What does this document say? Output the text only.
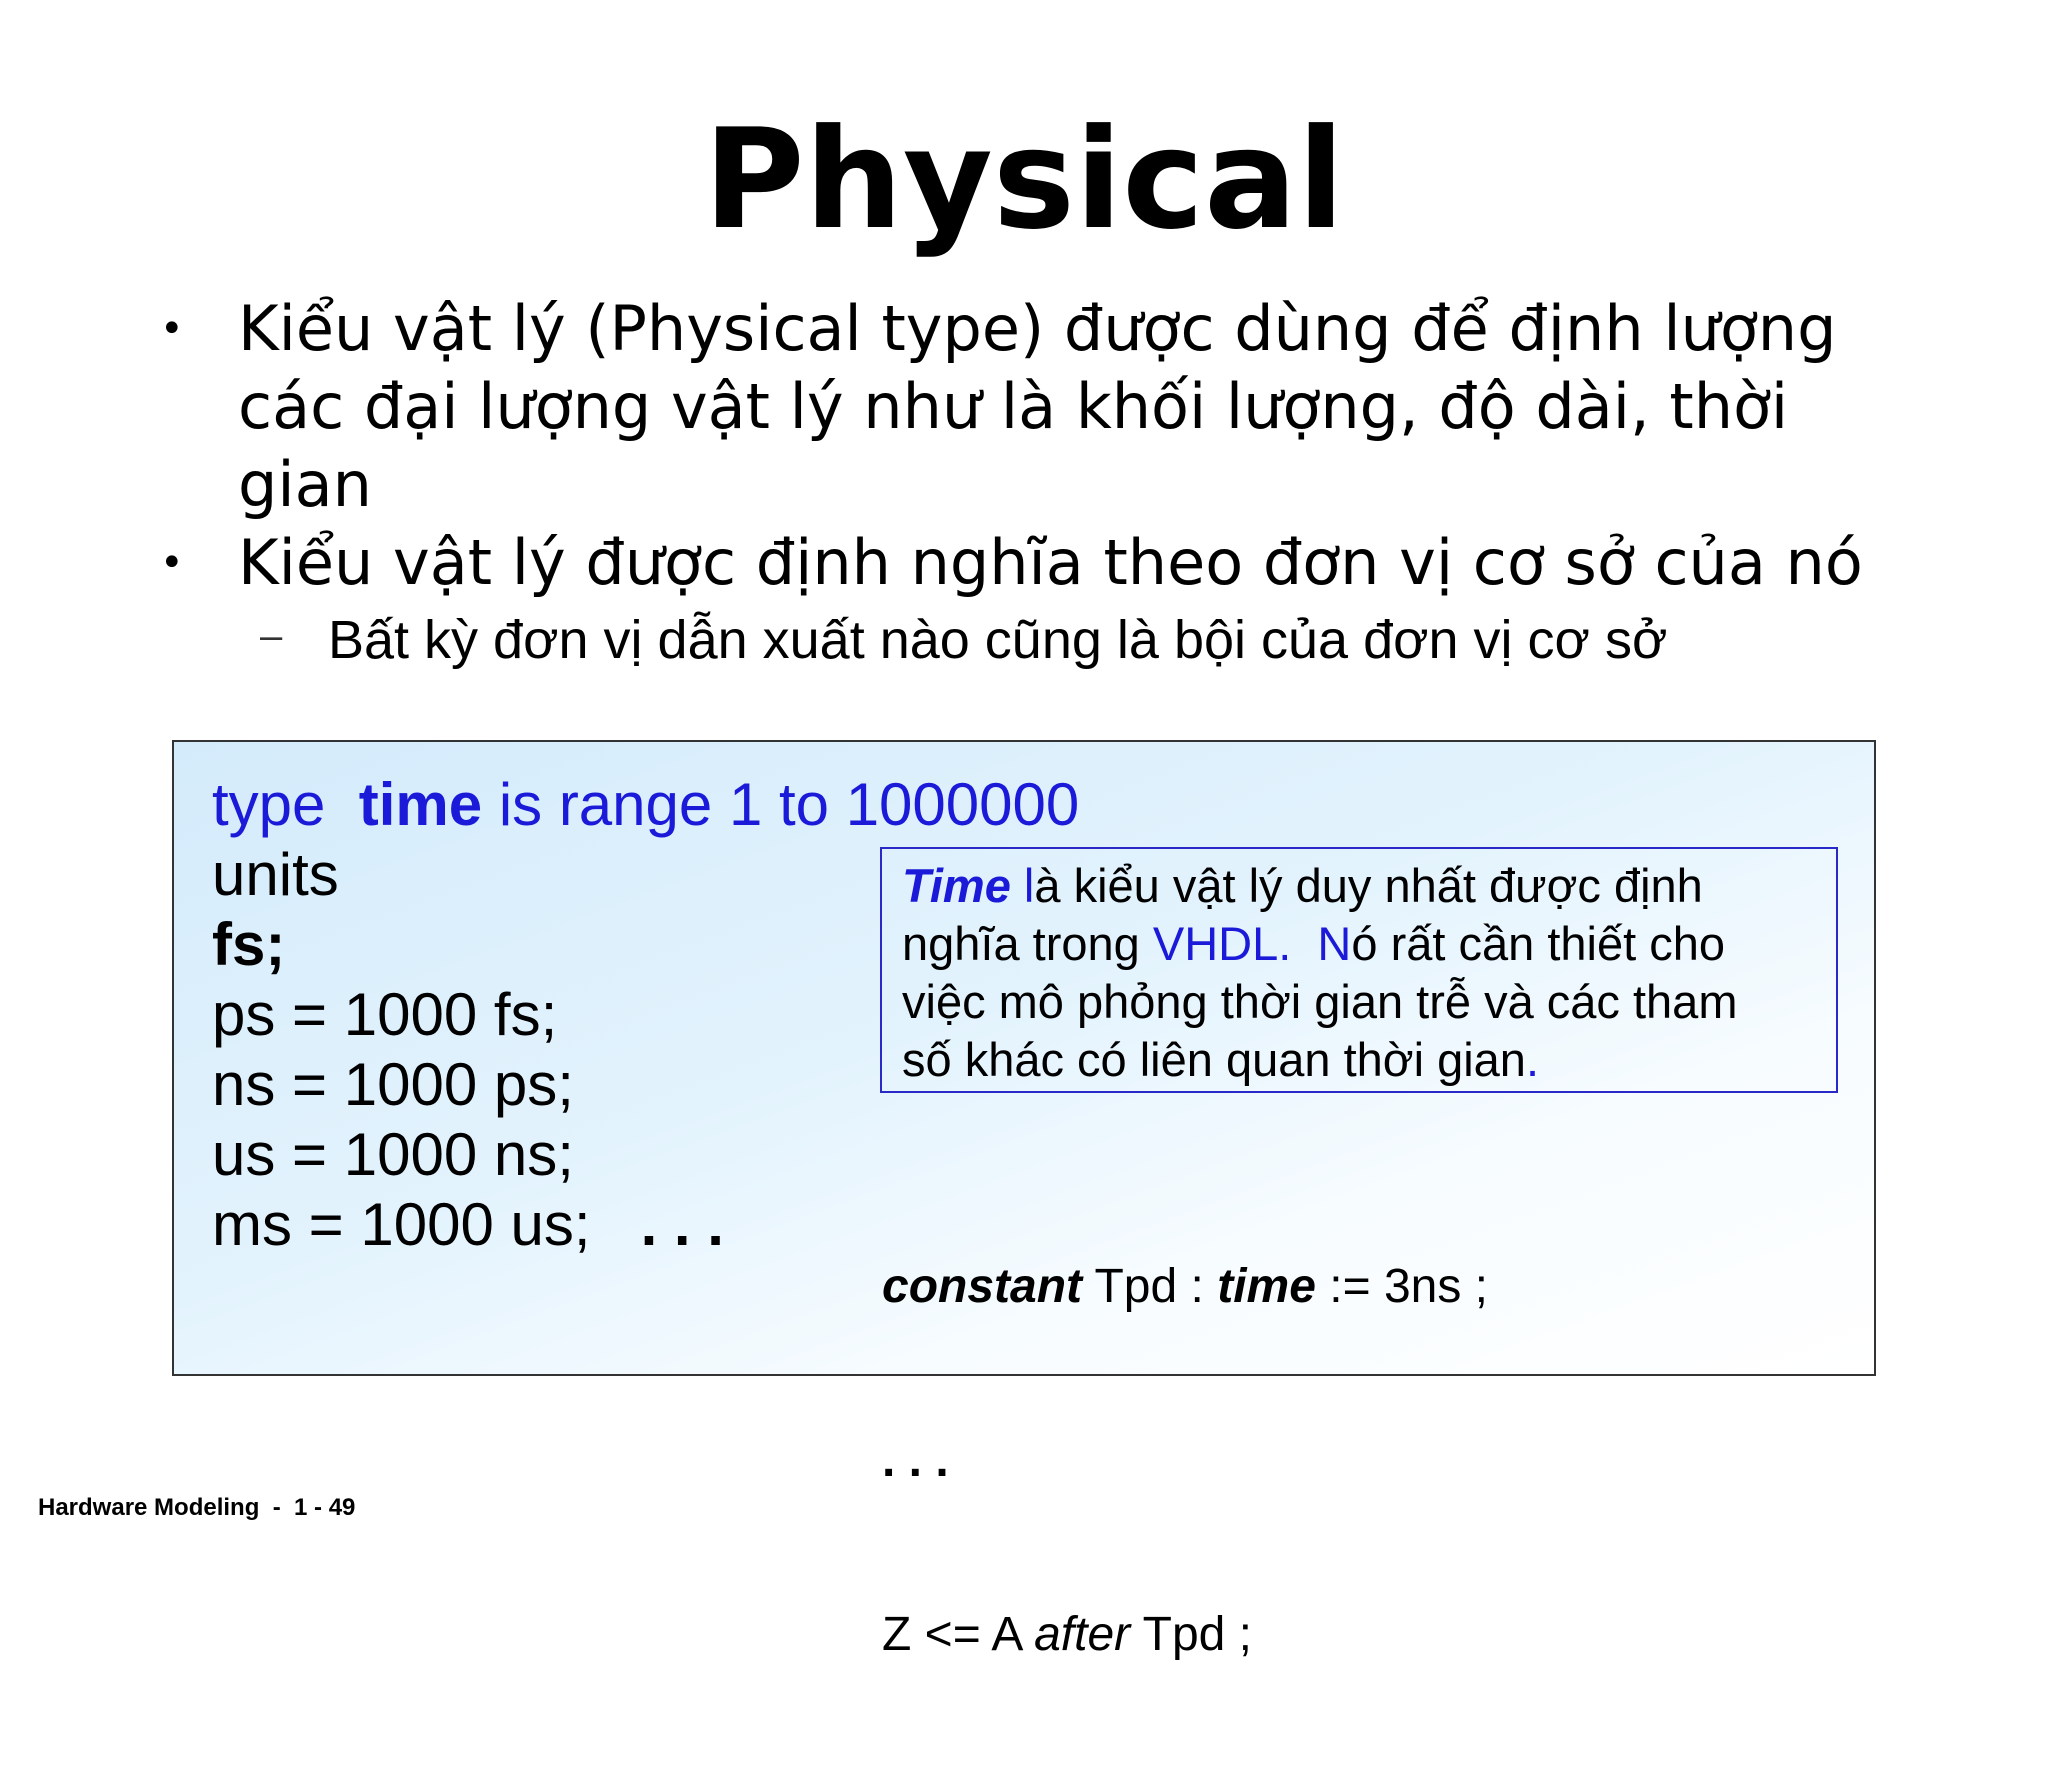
Physical
• Kiểu vật lý (Physical type) được dùng để định lượng
các đại lượng vật lý như là khối lượng, độ dài, thời
gian
• Kiểu vật lý được định nghĩa theo đơn vị cơ sở của nó
– Bất kỳ đơn vị dẫn xuất nào cũng là bội của đơn vị cơ sở
type time is range 1 to 1000000
units
fs;
ps = 1000 fs;
ns = 1000 ps;
us = 1000 ns;
ms = 1000 us; . . .
Time là kiểu vật lý duy nhất được định
nghĩa trong VHDL. Nó rất cần thiết cho
việc mô phỏng thời gian trễ và các tham
số khác có liên quan thời gian.

constant Tpd : time := 3ns ;

. . .

Z <= A after Tpd ;

Hardware Modeling  -  1 - 49
